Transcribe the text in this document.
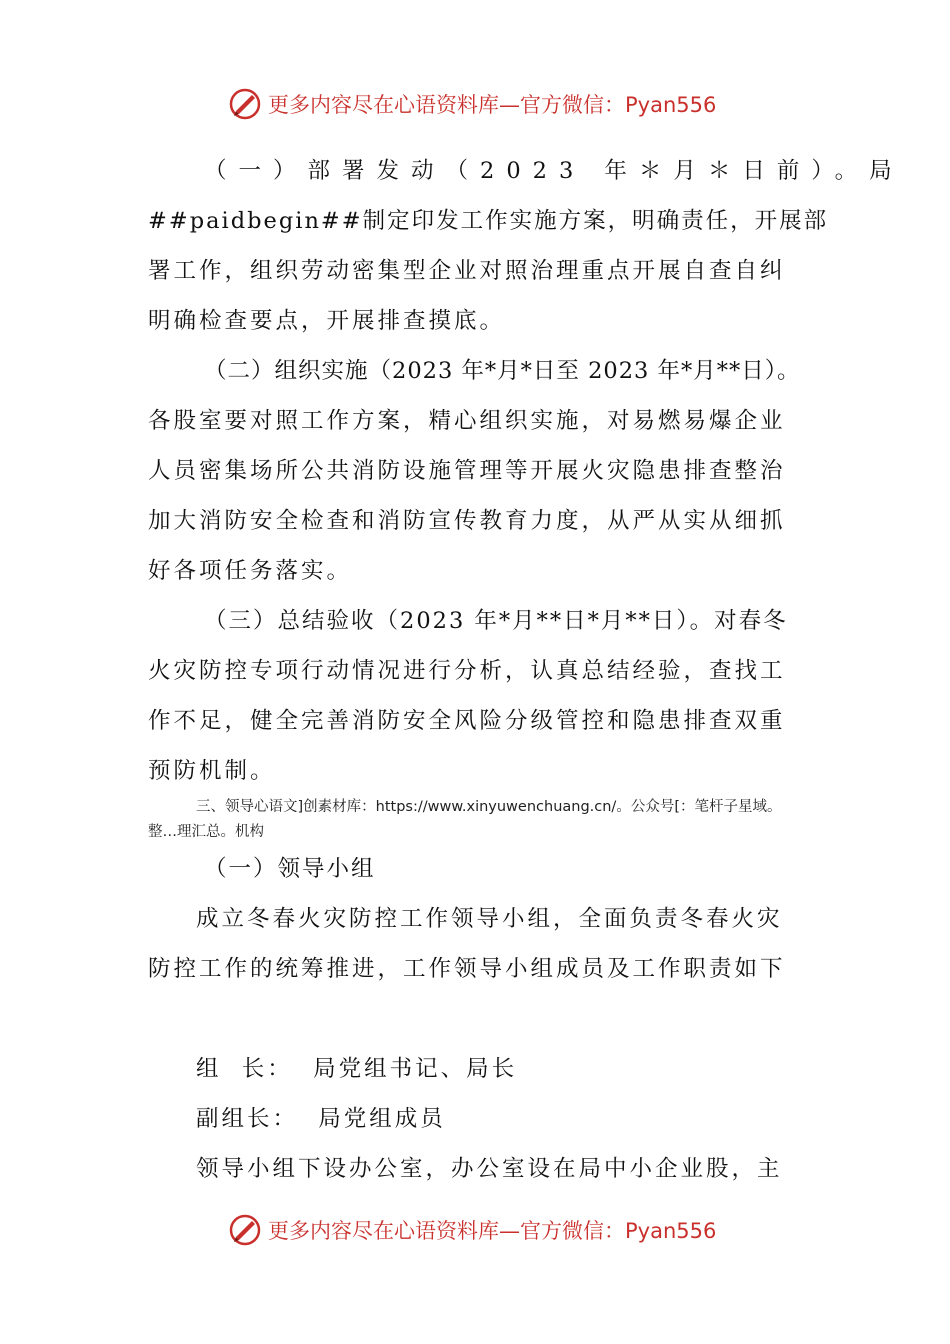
更多内容尽在心语资料库—官方微信：Pyan556
（一）部署发动（2023 年＊月＊日前）。局
##paidbegin##制定印发工作实施方案，明确责任，开展部
署工作，组织劳动密集型企业对照治理重点开展自查自纠
明确检查要点，开展排查摸底。
（二）组织实施（2023 年*月*日至 2023 年*月**日）。
各股室要对照工作方案，精心组织实施，对易燃易爆企业
人员密集场所公共消防设施管理等开展火灾隐患排查整治
加大消防安全检查和消防宣传教育力度，从严从实从细抓
好各项任务落实。
（三）总结验收（2023 年*月**日*月**日）。对春冬
火灾防控专项行动情况进行分析，认真总结经验，查找工
作不足，健全完善消防安全风险分级管控和隐患排查双重
预防机制。
三、领导心语文]创素材库：https://www.xinyuwenchuang.cn/。公众号[：笔杆子星域。
整…理汇总。机构
（一）领导小组
成立冬春火灾防控工作领导小组，全面负责冬春火灾
防控工作的统筹推进，工作领导小组成员及工作职责如下
组  长：  局党组书记、局长
副组长：  局党组成员
领导小组下设办公室，办公室设在局中小企业股，主
更多内容尽在心语资料库—官方微信：Pyan556
